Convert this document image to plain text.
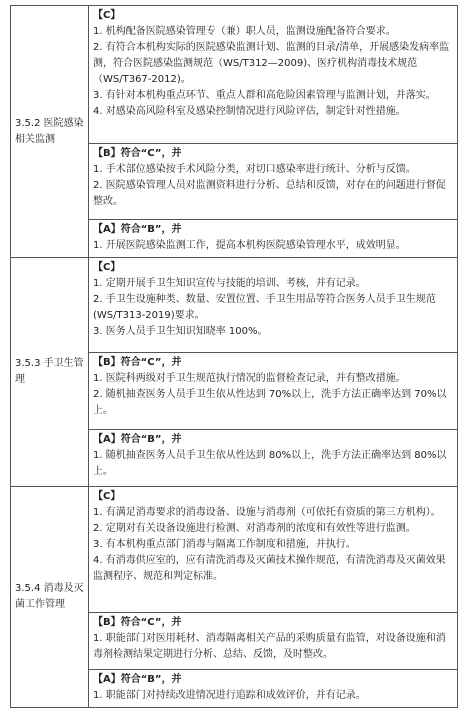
3.5.2 医院感染相关监测	【C】
1. 机构配备医院感染管理专（兼）职人员，监测设施配备符合要求。
2. 有符合本机构实际的医院感染监测计划、监测的目录/清单，开展感染发病率监测，符合医院感染监测规范（WS/T312—2009)、医疗机构消毒技术规范（WS/T367-2012)。
3. 有针对本机构重点环节、重点人群和高危险因素管理与监测计划，并落实。
4. 对感染高风险科室及感染控制情况进行风险评估，制定针对性措施。

	【B】符合“C”，并
1. 手术部位感染按手术风险分类，对切口感染率进行统计、分析与反馈。
2. 医院感染管理人员对监测资料进行分析、总结和反馈，对存在的问题进行督促整改。

	【A】符合“B”，并
1. 开展医院感染监测工作，提高本机构医院感染管理水平，成效明显。

3.5.3 手卫生管理	【C】
1. 定期开展手卫生知识宣传与技能的培训、考核，并有记录。
2. 手卫生设施种类、数量、安置位置、手卫生用品等符合医务人员手卫生规范(WS/T313-2019)要求。
3. 医务人员手卫生知识知晓率 100%。

	【B】符合“C”，并
1. 医院科两级对手卫生规范执行情况的监督检查记录，并有整改措施。
2. 随机抽查医务人员手卫生依从性达到 70%以上，洗手方法正确率达到 70%以上。

	【A】符合“B”，并
1. 随机抽查医务人员手卫生依从性达到 80%以上，洗手方法正确率达到 80%以上。

3.5.4 消毒及灭菌工作管理	【C】
1. 有满足消毒要求的消毒设备、设施与消毒剂（可依托有资质的第三方机构）。
2. 定期对有关设备设施进行检测、对消毒剂的浓度和有效性等进行监测。
3. 有本机构重点部门消毒与隔离工作制度和措施，并执行。
4. 有消毒供应室的，应有清洗消毒及灭菌技术操作规范，有清洗消毒及灭菌效果监测程序、规范和判定标准。

	【B】符合“C”，并
1. 职能部门对医用耗材、消毒隔离相关产品的采购质量有监管，对设备设施和消毒剂检测结果定期进行分析、总结、反馈，及时整改。

	【A】符合“B”，并
1. 职能部门对持续改进情况进行追踪和成效评价，并有记录。
